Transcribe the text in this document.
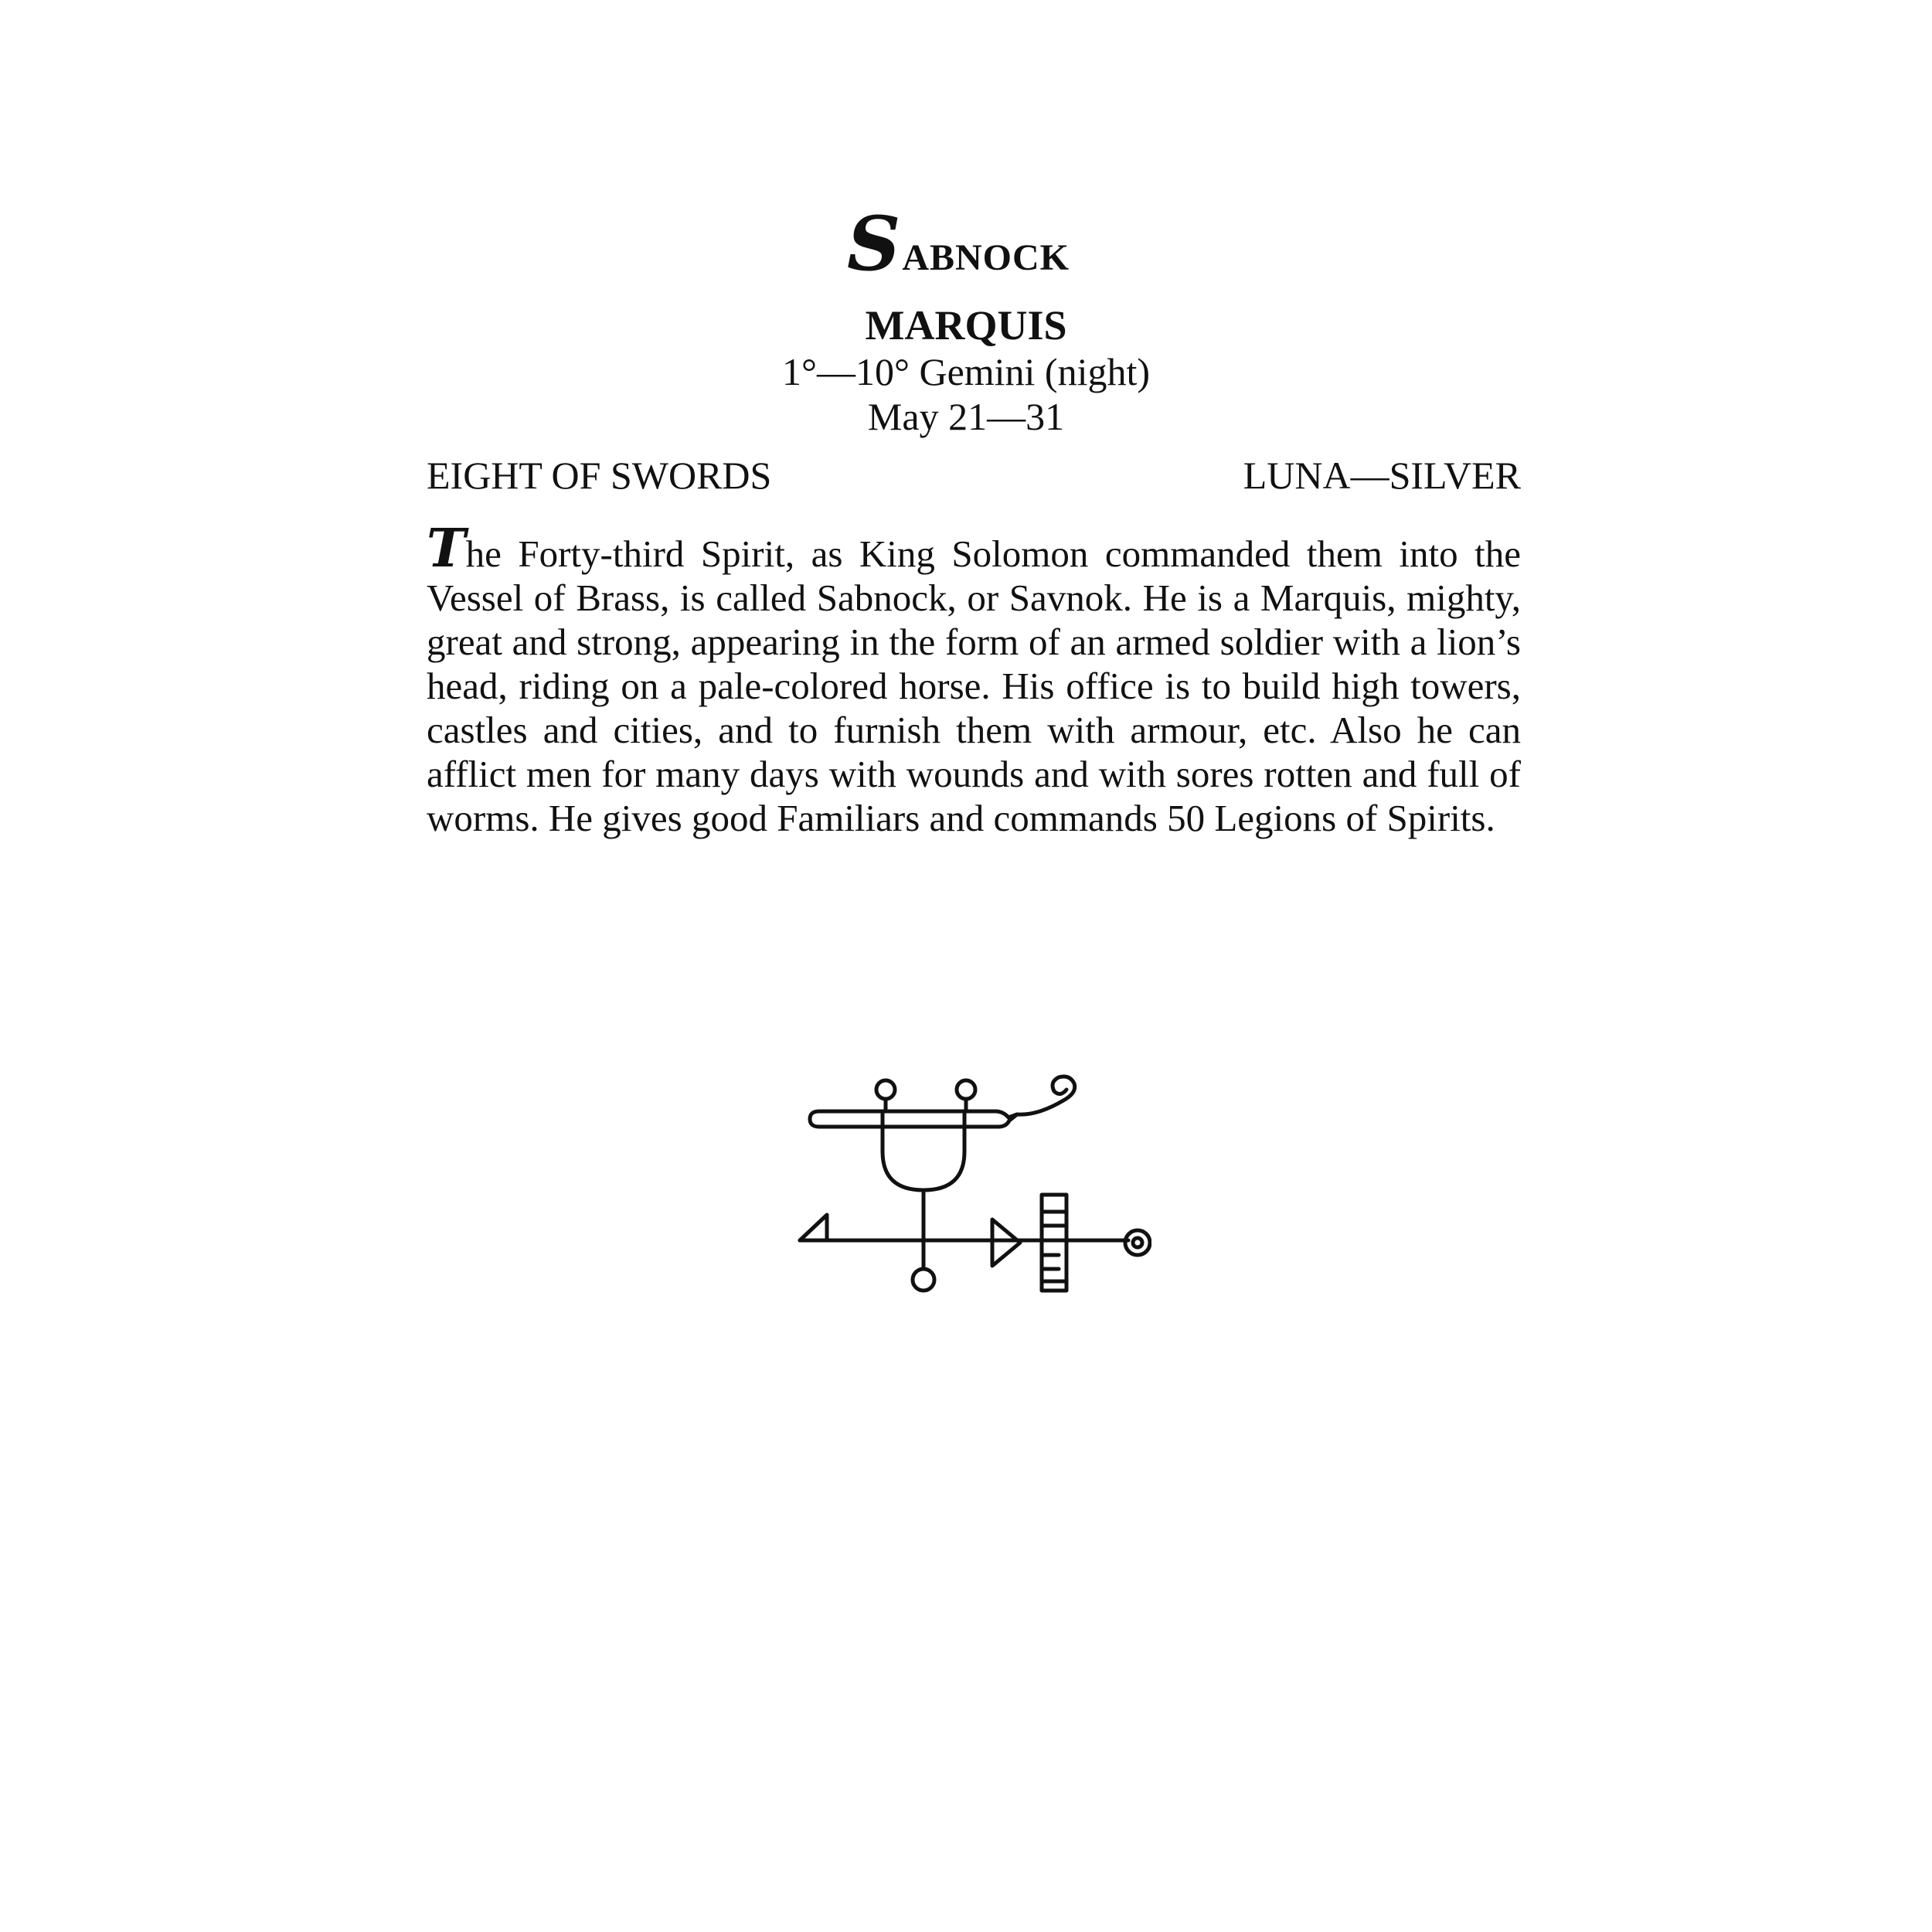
SABNOCK
MARQUIS
1°—10° Gemini (night)
May 21—31
EIGHT OF SWORDS	LUNA—SILVER
The Forty-third Spirit, as King Solomon commanded them into the Vessel of Brass, is called Sabnock, or Savnok. He is a Marquis, mighty, great and strong, appearing in the form of an armed soldier with a lion’s head, riding on a pale-colored horse. His office is to build high towers, castles and cities, and to furnish them with armour, etc. Also he can afflict men for many days with wounds and with sores rotten and full of worms. He gives good Familiars and commands 50 Legions of Spirits.
